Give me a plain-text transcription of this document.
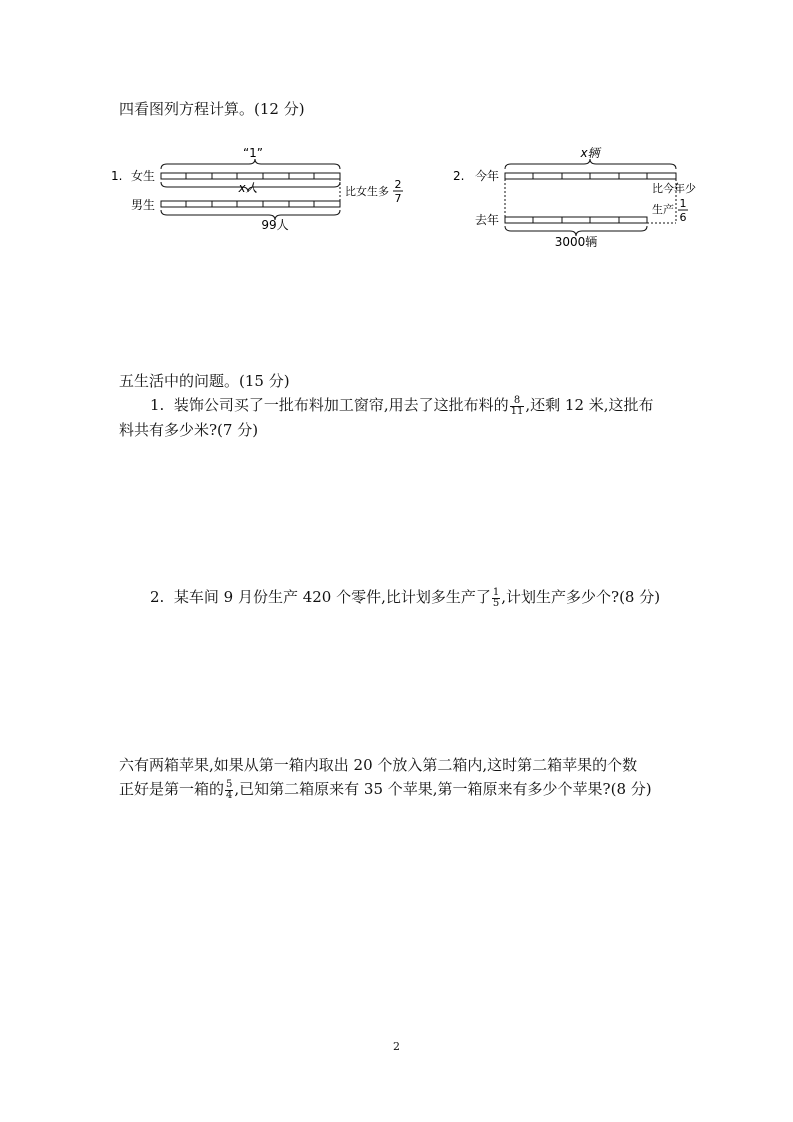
四看图列方程计算。(12 分)
1. 女生
男生
“1”
x人	比女生多
2
7
99人
2. 今年
去年
x辆
比今年少
生产 1
6
3000辆
五生活中的问题。(15 分)
1. 装饰公司买了一批布料加工窗帘,用去了这批布料的 $\frac{8}{11}$ ,还剩 12 米,这批布
料共有多少米?(7 分)
2. 某车间 9 月份生产 420 个零件,比计划多生产了 $\frac{1}{5}$ ,计划生产多少个?(8 分)
六有两箱苹果,如果从第一箱内取出 20 个放入第二箱内,这时第二箱苹果的个数
正好是第一箱的 $\frac{5}{4}$ ,已知第二箱原来有 35 个苹果,第一箱原来有多少个苹果?(8 分)
2
